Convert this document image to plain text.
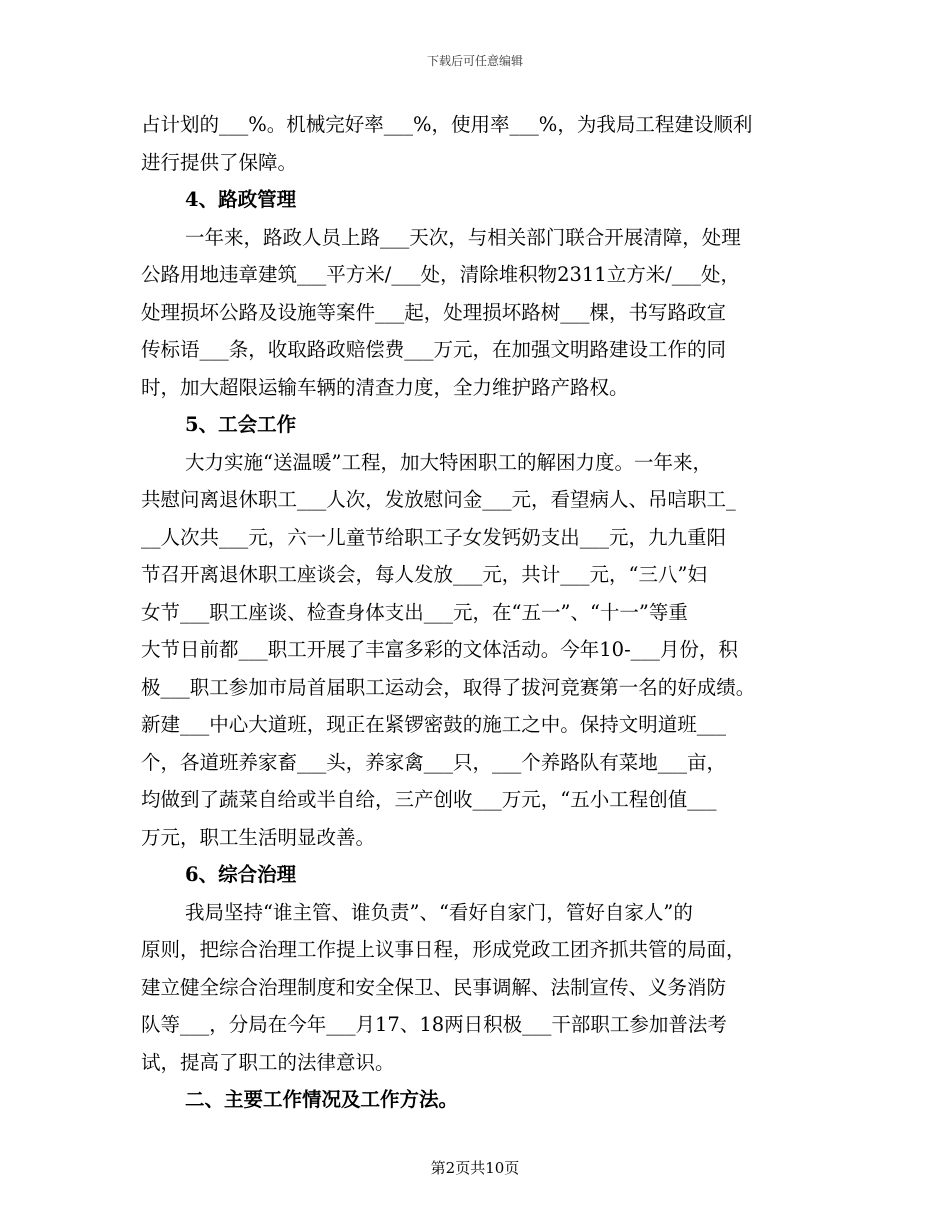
下载后可任意编辑
占计划的___%。机械完好率___%，使用率___%，为我局工程建设顺利
进行提供了保障。
4、路政管理
一年来，路政人员上路___天次，与相关部门联合开展清障，处理
公路用地违章建筑___平方米/___处，清除堆积物2311立方米/___处，
处理损坏公路及设施等案件___起，处理损坏路树___棵，书写路政宣
传标语___条，收取路政赔偿费___万元，在加强文明路建设工作的同
时，加大超限运输车辆的清查力度，全力维护路产路权。
5、工会工作
大力实施“送温暖”工程，加大特困职工的解困力度。一年来，
共慰问离退休职工___人次，发放慰问金___元，看望病人、吊唁职工_
__人次共___元，六一儿童节给职工子女发钙奶支出___元，九九重阳
节召开离退休职工座谈会，每人发放___元，共计___元，“三八”妇
女节___职工座谈、检查身体支出___元，在“五一”、“十一”等重
大节日前都___职工开展了丰富多彩的文体活动。今年10-___月份，积
极___职工参加市局首届职工运动会，取得了拔河竞赛第一名的好成绩。
新建___中心大道班，现正在紧锣密鼓的施工之中。保持文明道班___
个，各道班养家畜___头，养家禽___只，___个养路队有菜地___亩，
均做到了蔬菜自给或半自给，三产创收___万元，“五小工程创值___
万元，职工生活明显改善。
6、综合治理
我局坚持“谁主管、谁负责”、“看好自家门，管好自家人”的
原则，把综合治理工作提上议事日程，形成党政工团齐抓共管的局面，
建立健全综合治理制度和安全保卫、民事调解、法制宣传、义务消防
队等___，分局在今年___月17、18两日积极___干部职工参加普法考
试，提高了职工的法律意识。
二、主要工作情况及工作方法。
第2页共10页
